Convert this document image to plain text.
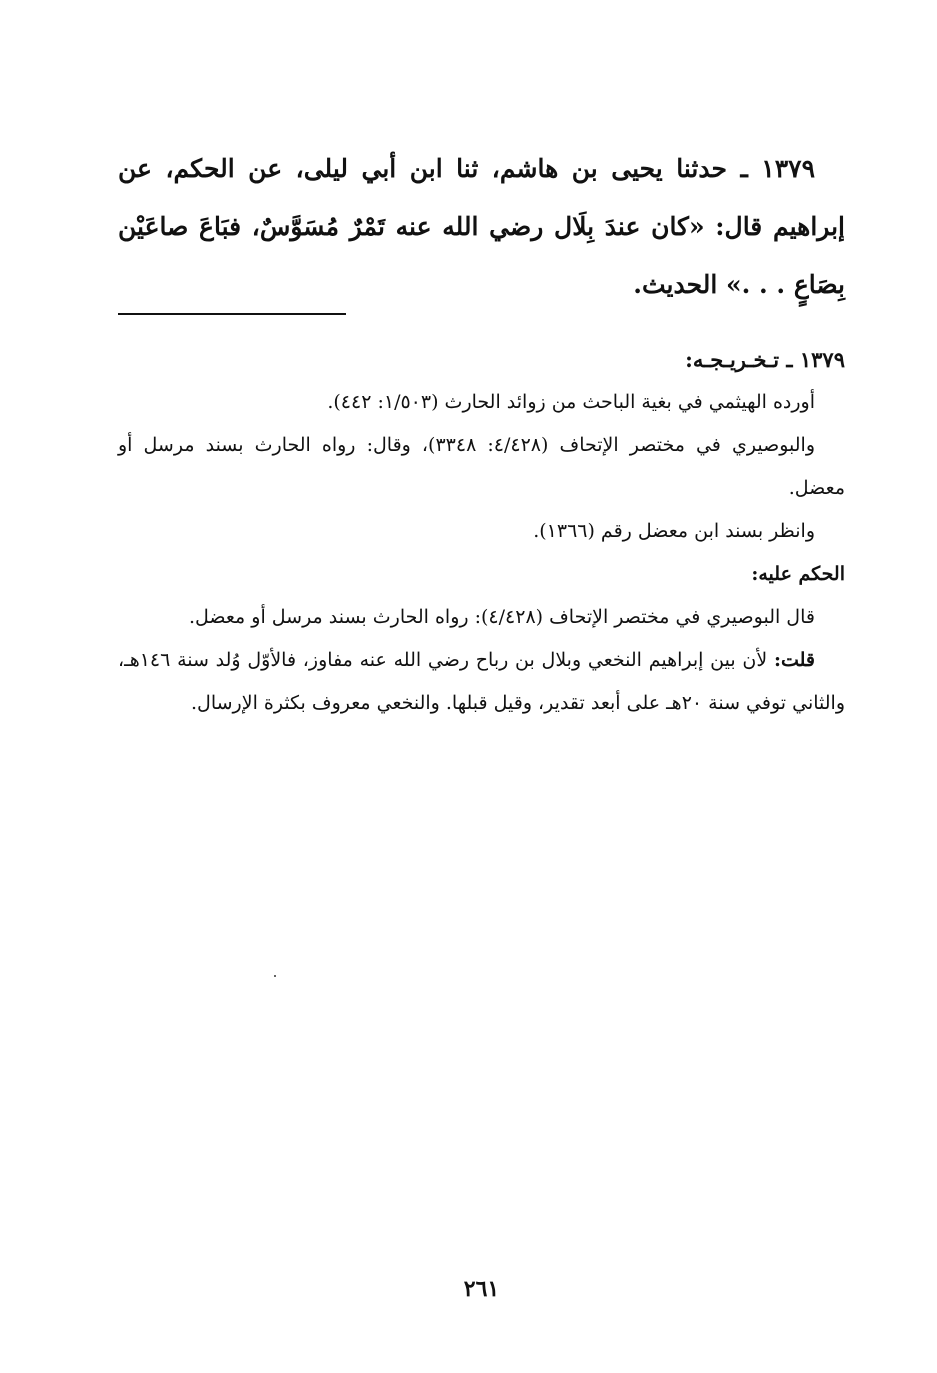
١٣٧٩ ـ حدثنا يحيى بن هاشم، ثنا ابن أبي ليلى، عن الحكم، عن إبراهيم قال: «كان عندَ بِلَال رضي الله عنه تَمْرٌ مُسَوَّسٌ، فبَاعَ صاعَيْن بِصَاعٍ . . .» الحديث.

١٣٧٩ ـ تـخـريـجـه:

أورده الهيثمي في بغية الباحث من زوائد الحارث (١/٥٠٣: ٤٤٢).

والبوصيري في مختصر الإتحاف (٤/٤٢٨: ٣٣٤٨)، وقال: رواه الحارث بسند مرسل أو معضل.

وانظر بسند ابن معضل رقم (١٣٦٦).

الحكم عليه:

قال البوصيري في مختصر الإتحاف (٤/٤٢٨): رواه الحارث بسند مرسل أو معضل.

قلت: لأن بين إبراهيم النخعي وبلال بن رباح رضي الله عنه مفاوز، فالأوّل وُلد سنة ١٤٦هـ، والثاني توفي سنة ٢٠هـ على أبعد تقدير، وقيل قبلها. والنخعي معروف بكثرة الإرسال.

٢٦١
